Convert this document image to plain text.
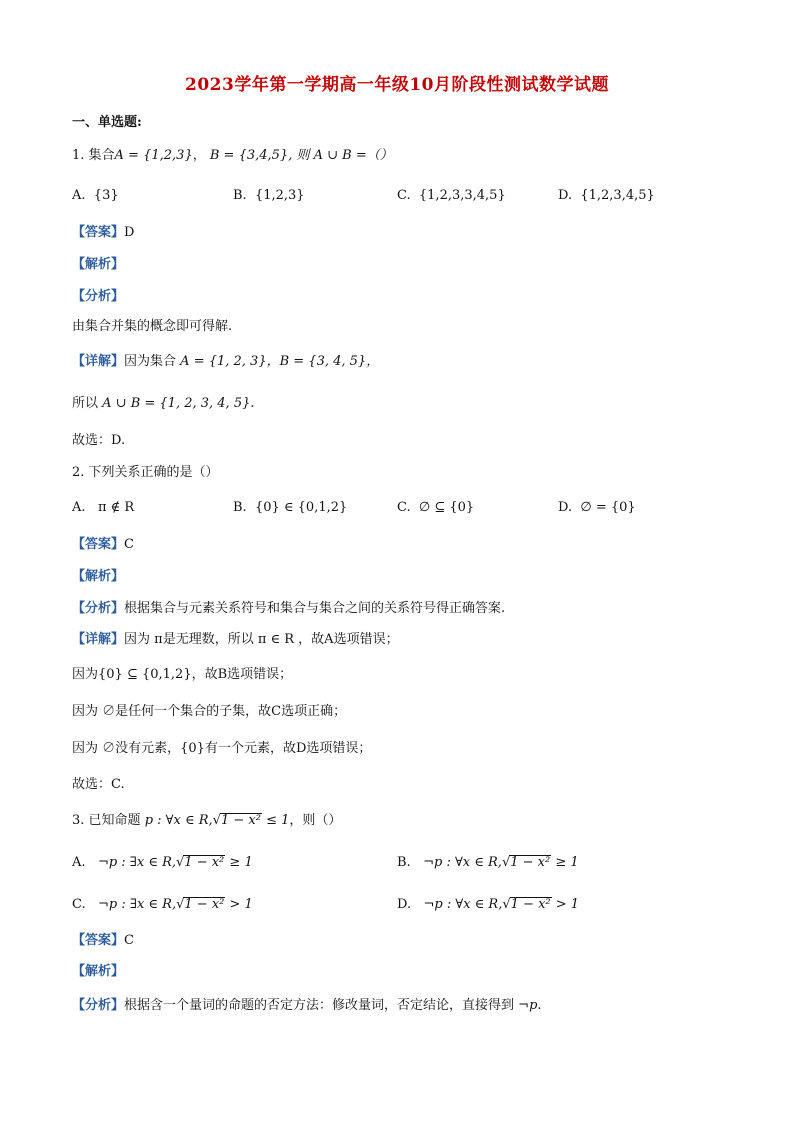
2023学年第一学期高一年级10月阶段性测试数学试题
一、单选题:
1. 集合A = {1,2,3}， B = {3,4,5}, 则 A ∪ B =（）
A. {3}	B. {1,2,3}	C. {1,2,3,3,4,5}	D. {1,2,3,4,5}
【答案】D
【解析】
【分析】
由集合并集的概念即可得解.
【详解】因为集合 A = {1, 2, 3}，B = {3, 4, 5}，
所以 A ∪ B = {1, 2, 3, 4, 5}.
故选：D.
2. 下列关系正确的是（）
A. π ∉ R	B. {0} ∈ {0,1,2}	C. ∅ ⊆ {0}	D. ∅ = {0}
【答案】C
【解析】
【分析】根据集合与元素关系符号和集合与集合之间的关系符号得正确答案.
【详解】因为 π是无理数，所以 π ∈ R ，故A选项错误；
因为{0} ⊆ {0,1,2}，故B选项错误；
因为 ∅是任何一个集合的子集，故C选项正确；
因为 ∅没有元素，{0}有一个元素，故D选项错误；
故选：C.
3. 已知命题 p : ∀x ∈ R,√1 − x² ≤ 1，则（）
A. ¬p : ∃x ∈ R,√1 − x² ≥ 1	B. ¬p : ∀x ∈ R,√1 − x² ≥ 1
C. ¬p : ∃x ∈ R,√1 − x² > 1	D. ¬p : ∀x ∈ R,√1 − x² > 1
【答案】C
【解析】
【分析】根据含一个量词的命题的否定方法：修改量词，否定结论，直接得到 ¬p.
